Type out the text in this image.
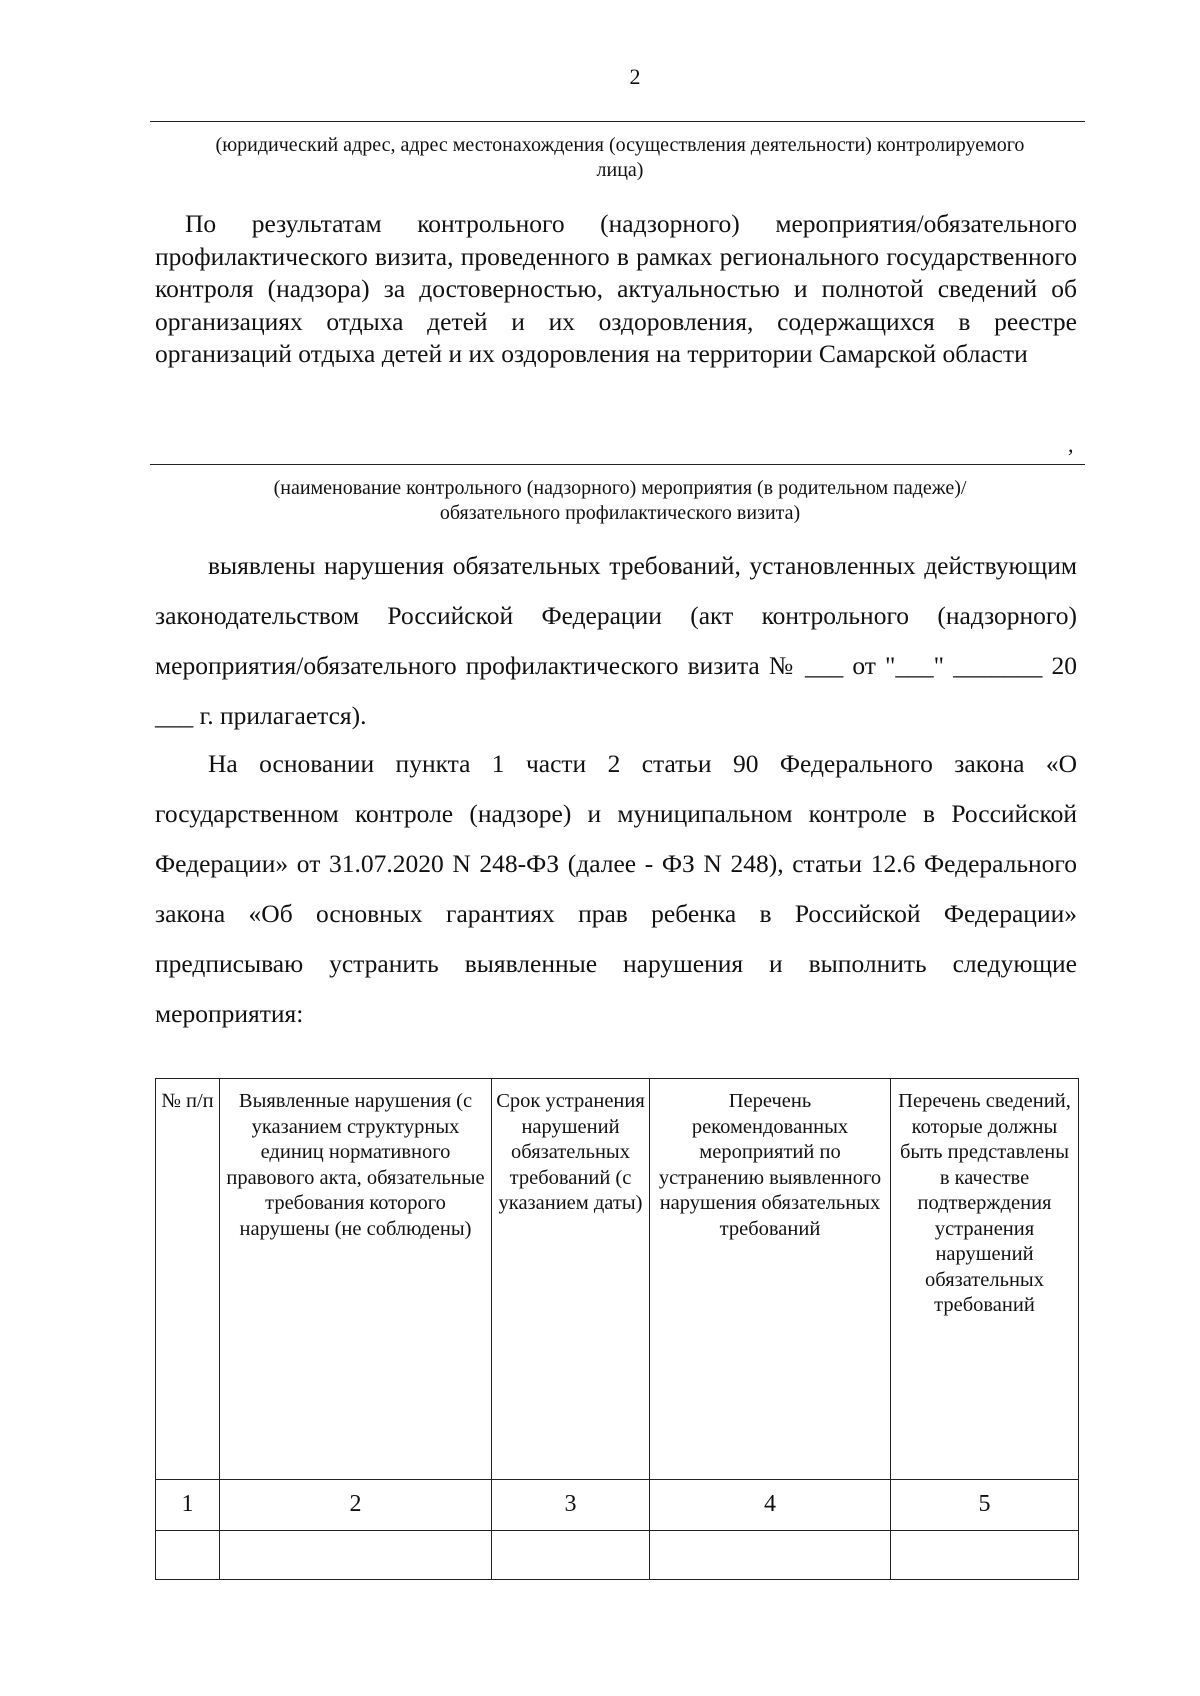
2
(юридический адрес, адрес местонахождения (осуществления деятельности) контролируемого лица)
По результатам контрольного (надзорного) мероприятия/обязательного профилактического визита, проведенного в рамках регионального государственного контроля (надзора) за достоверностью, актуальностью и полнотой сведений об организациях отдыха детей и их оздоровления, содержащихся в реестре организаций отдыха детей и их оздоровления на территории Самарской области
,
(наименование контрольного (надзорного) мероприятия (в родительном падеже)/обязательного профилактического визита)
выявлены нарушения обязательных требований, установленных действующим законодательством Российской Федерации (акт контрольного (надзорного) мероприятия/обязательного профилактического визита № ___ от "___" _______ 20 ___ г. прилагается).
На основании пункта 1 части 2 статьи 90 Федерального закона «О государственном контроле (надзоре) и муниципальном контроле в Российской Федерации» от 31.07.2020 N 248-ФЗ (далее - ФЗ N 248), статьи 12.6 Федерального закона «Об основных гарантиях прав ребенка в Российской Федерации» предписываю устранить выявленные нарушения и выполнить следующие мероприятия:
№ п/п	Выявленные нарушения (с указанием структурных единиц нормативного правового акта, обязательные требования которого нарушены (не соблюдены)	Срок устранения нарушений обязательных требований (с указанием даты)	Перечень рекомендованных мероприятий по устранению выявленного нарушения обязательных требований	Перечень сведений, которые должны быть представлены в качестве подтверждения устранения нарушений обязательных требований
1	2	3	4	5
